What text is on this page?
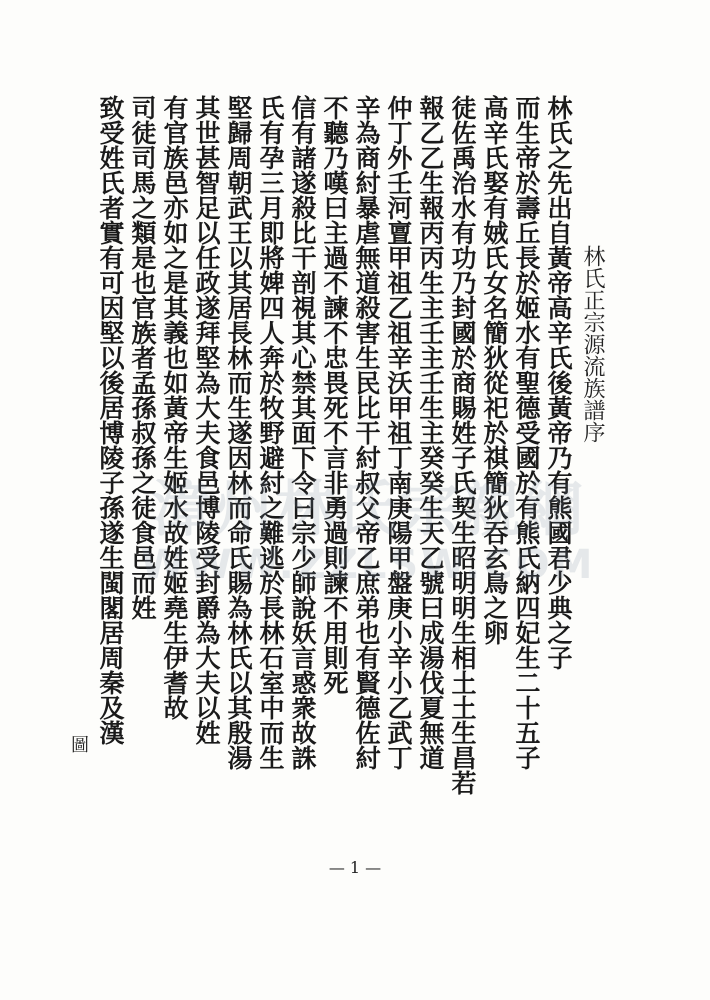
林氏正宗源流族譜序
林氏之先出自黃帝高辛氏後黃帝乃有熊國君少典之子
而生帝於壽丘長於姬水有聖德受國於有熊氏納四妃生二十五子
高辛氏娶有娀氏女名簡狄從祀於祺簡狄吞玄鳥之卵
徒佐禹治水有功乃封國於商賜姓子氏契生昭明明生相土土生昌若
報乙乙生報丙丙生主壬主壬生主癸癸生天乙號曰成湯伐夏無道
仲丁外壬河亶甲祖乙祖辛沃甲祖丁南庚陽甲盤庚小辛小乙武丁
辛為商紂暴虐無道殺害生民比干紂叔父帝乙庶弟也有賢德佐紂
不聽乃嘆曰主過不諫不忠畏死不言非勇過則諫不用則死
信有諸遂殺比干剖視其心禁其面下令曰宗少師說妖言惑衆故誅
氏有孕三月即將婢四人奔於牧野避紂之難逃於長林石室中而生
堅歸周朝武王以其居長林而生遂因林而命氏賜為林氏以其殷湯
其世甚智足以任政遂拜堅為大夫食邑博陵受封爵為大夫以姓
有官族邑亦如之是其義也如黃帝生姬水故姓姬堯生伊耆故
司徒司馬之類是也官族者孟孫叔孫之徒食邑而姓
致受姓氏者實有可因堅以後居博陵子孫遂生閩閣居周秦及漢
圖
漳州林氏宗親網
WWW.ZZLSW.COM
— 1 —
